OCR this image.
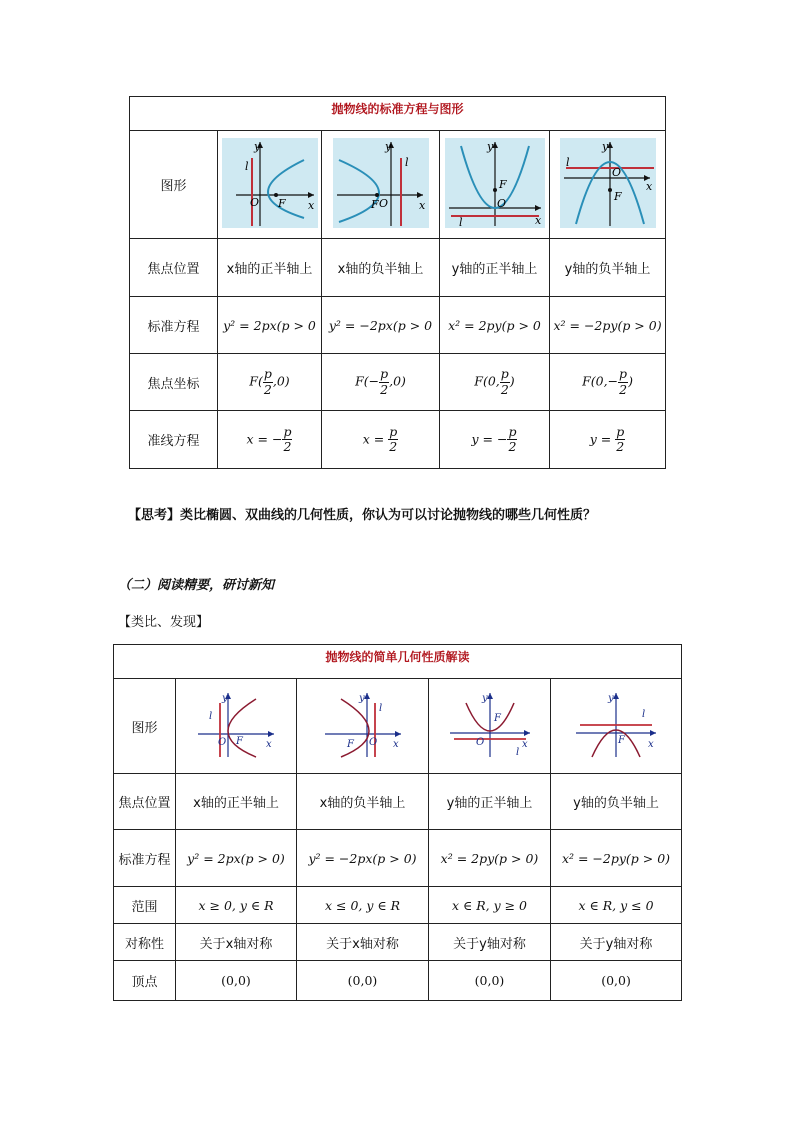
抛物线的标准方程与图形				
图形	y
l
O F x	y
l
O
F x	y
F
O
l x	y
l
O
F
x

焦点位置	x轴的正半轴上	x轴的负半轴上	y轴的正半轴上	y轴的负半轴上
标准方程	y² = 2px(p > 0	y² = −2px(p > 0	x² = 2py(p > 0	x² = −2py(p > 0)
焦点坐标	$F( \frac{p}{2} ,0)$	$F(- \frac{p}{2} ,0)$	F(0, $\frac{p}{2}$ )	$F(0,- \frac{p}{2}$ )
准线方程	x = − $\frac{p}{2}$	$x = \frac{p}{2}$	y = − $\frac{p}{2}$	$y = \frac{p}{2}$
【思考】类比椭圆、双曲线的几何性质，你认为可以讨论抛物线的哪些几何性质？
（二）阅读精要，研讨新知
【类比、发现】
抛物线的简单几何性质解读				
图形	y
l
O F x	y
l
O
F x	y
F
O
l
x	y
l
F x

焦点位置	x轴的正半轴上	x轴的负半轴上	y轴的正半轴上	y轴的负半轴上
标准方程	y² = 2px(p > 0)	y² = −2px(p > 0)	x² = 2py(p > 0)	x² = −2py(p > 0)
范围	x ≥ 0, y ∈ R	x ≤ 0, y ∈ R	x ∈ R, y ≥ 0	x ∈ R, y ≤ 0
对称性	关于x轴对称	关于x轴对称	关于y轴对称	关于y轴对称
顶点	(0,0)	(0,0)	(0,0)	(0,0)
